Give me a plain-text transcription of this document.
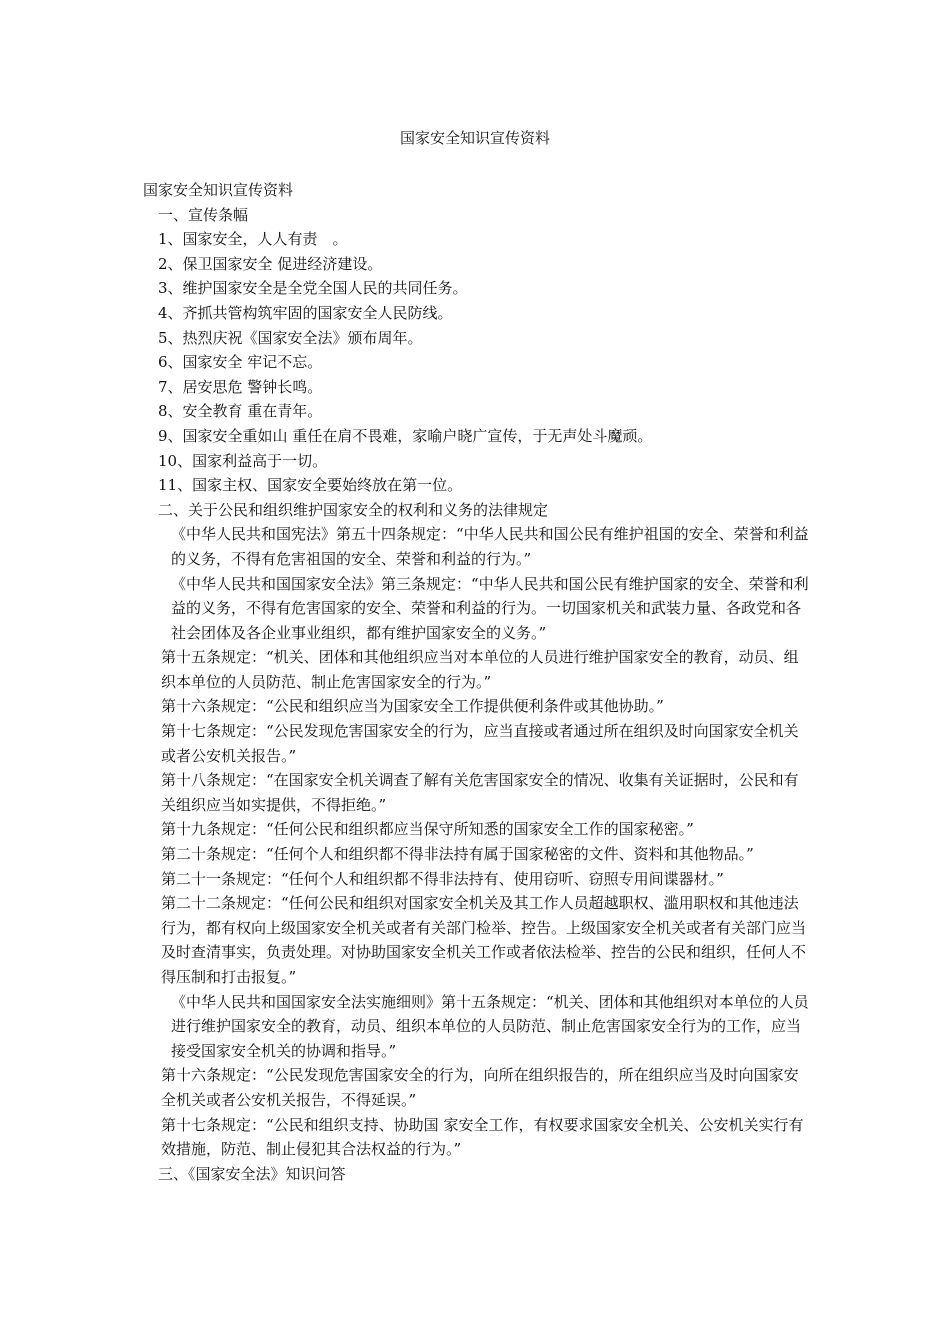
国家安全知识宣传资料

国家安全知识宣传资料

一、宣传条幅

1、国家安全，人人有责　。

2、保卫国家安全 促进经济建设。

3、维护国家安全是全党全国人民的共同任务。

4、齐抓共管构筑牢固的国家安全人民防线。

5、热烈庆祝《国家安全法》颁布周年。

6、国家安全 牢记不忘。

7、居安思危 警钟长鸣。

8、安全教育 重在青年。

9、国家安全重如山 重任在肩不畏难，家喻户晓广宣传，于无声处斗魔顽。

10、国家利益高于一切。

11、国家主权、国家安全要始终放在第一位。

二、关于公民和组织维护国家安全的权利和义务的法律规定

《中华人民共和国宪法》第五十四条规定：“中华人民共和国公民有维护祖国的安全、荣誉和利益的义务，不得有危害祖国的安全、荣誉和利益的行为。”

《中华人民共和国国家安全法》第三条规定：“中华人民共和国公民有维护国家的安全、荣誉和利益的义务，不得有危害国家的安全、荣誉和利益的行为。一切国家机关和武装力量、各政党和各社会团体及各企业事业组织，都有维护国家安全的义务。”

第十五条规定：“机关、团体和其他组织应当对本单位的人员进行维护国家安全的教育，动员、组织本单位的人员防范、制止危害国家安全的行为。”

第十六条规定：“公民和组织应当为国家安全工作提供便利条件或其他协助。”

第十七条规定：“公民发现危害国家安全的行为，应当直接或者通过所在组织及时向国家安全机关或者公安机关报告。”

第十八条规定：“在国家安全机关调查了解有关危害国家安全的情况、收集有关证据时，公民和有关组织应当如实提供，不得拒绝。”

第十九条规定：“任何公民和组织都应当保守所知悉的国家安全工作的国家秘密。”

第二十条规定：“任何个人和组织都不得非法持有属于国家秘密的文件、资料和其他物品。”

第二十一条规定：“任何个人和组织都不得非法持有、使用窃听、窃照专用间谍器材。”

第二十二条规定：“任何公民和组织对国家安全机关及其工作人员超越职权、滥用职权和其他违法行为，都有权向上级国家安全机关或者有关部门检举、控告。上级国家安全机关或者有关部门应当及时查清事实，负责处理。对协助国家安全机关工作或者依法检举、控告的公民和组织，任何人不得压制和打击报复。”

《中华人民共和国国家安全法实施细则》第十五条规定：“机关、团体和其他组织对本单位的人员进行维护国家安全的教育，动员、组织本单位的人员防范、制止危害国家安全行为的工作，应当接受国家安全机关的协调和指导。”

第十六条规定：“公民发现危害国家安全的行为，向所在组织报告的，所在组织应当及时向国家安全机关或者公安机关报告，不得延误。”

第十七条规定：“公民和组织支持、协助国 家安全工作，有权要求国家安全机关、公安机关实行有效措施，防范、制止侵犯其合法权益的行为。”

三、《国家安全法》知识问答
